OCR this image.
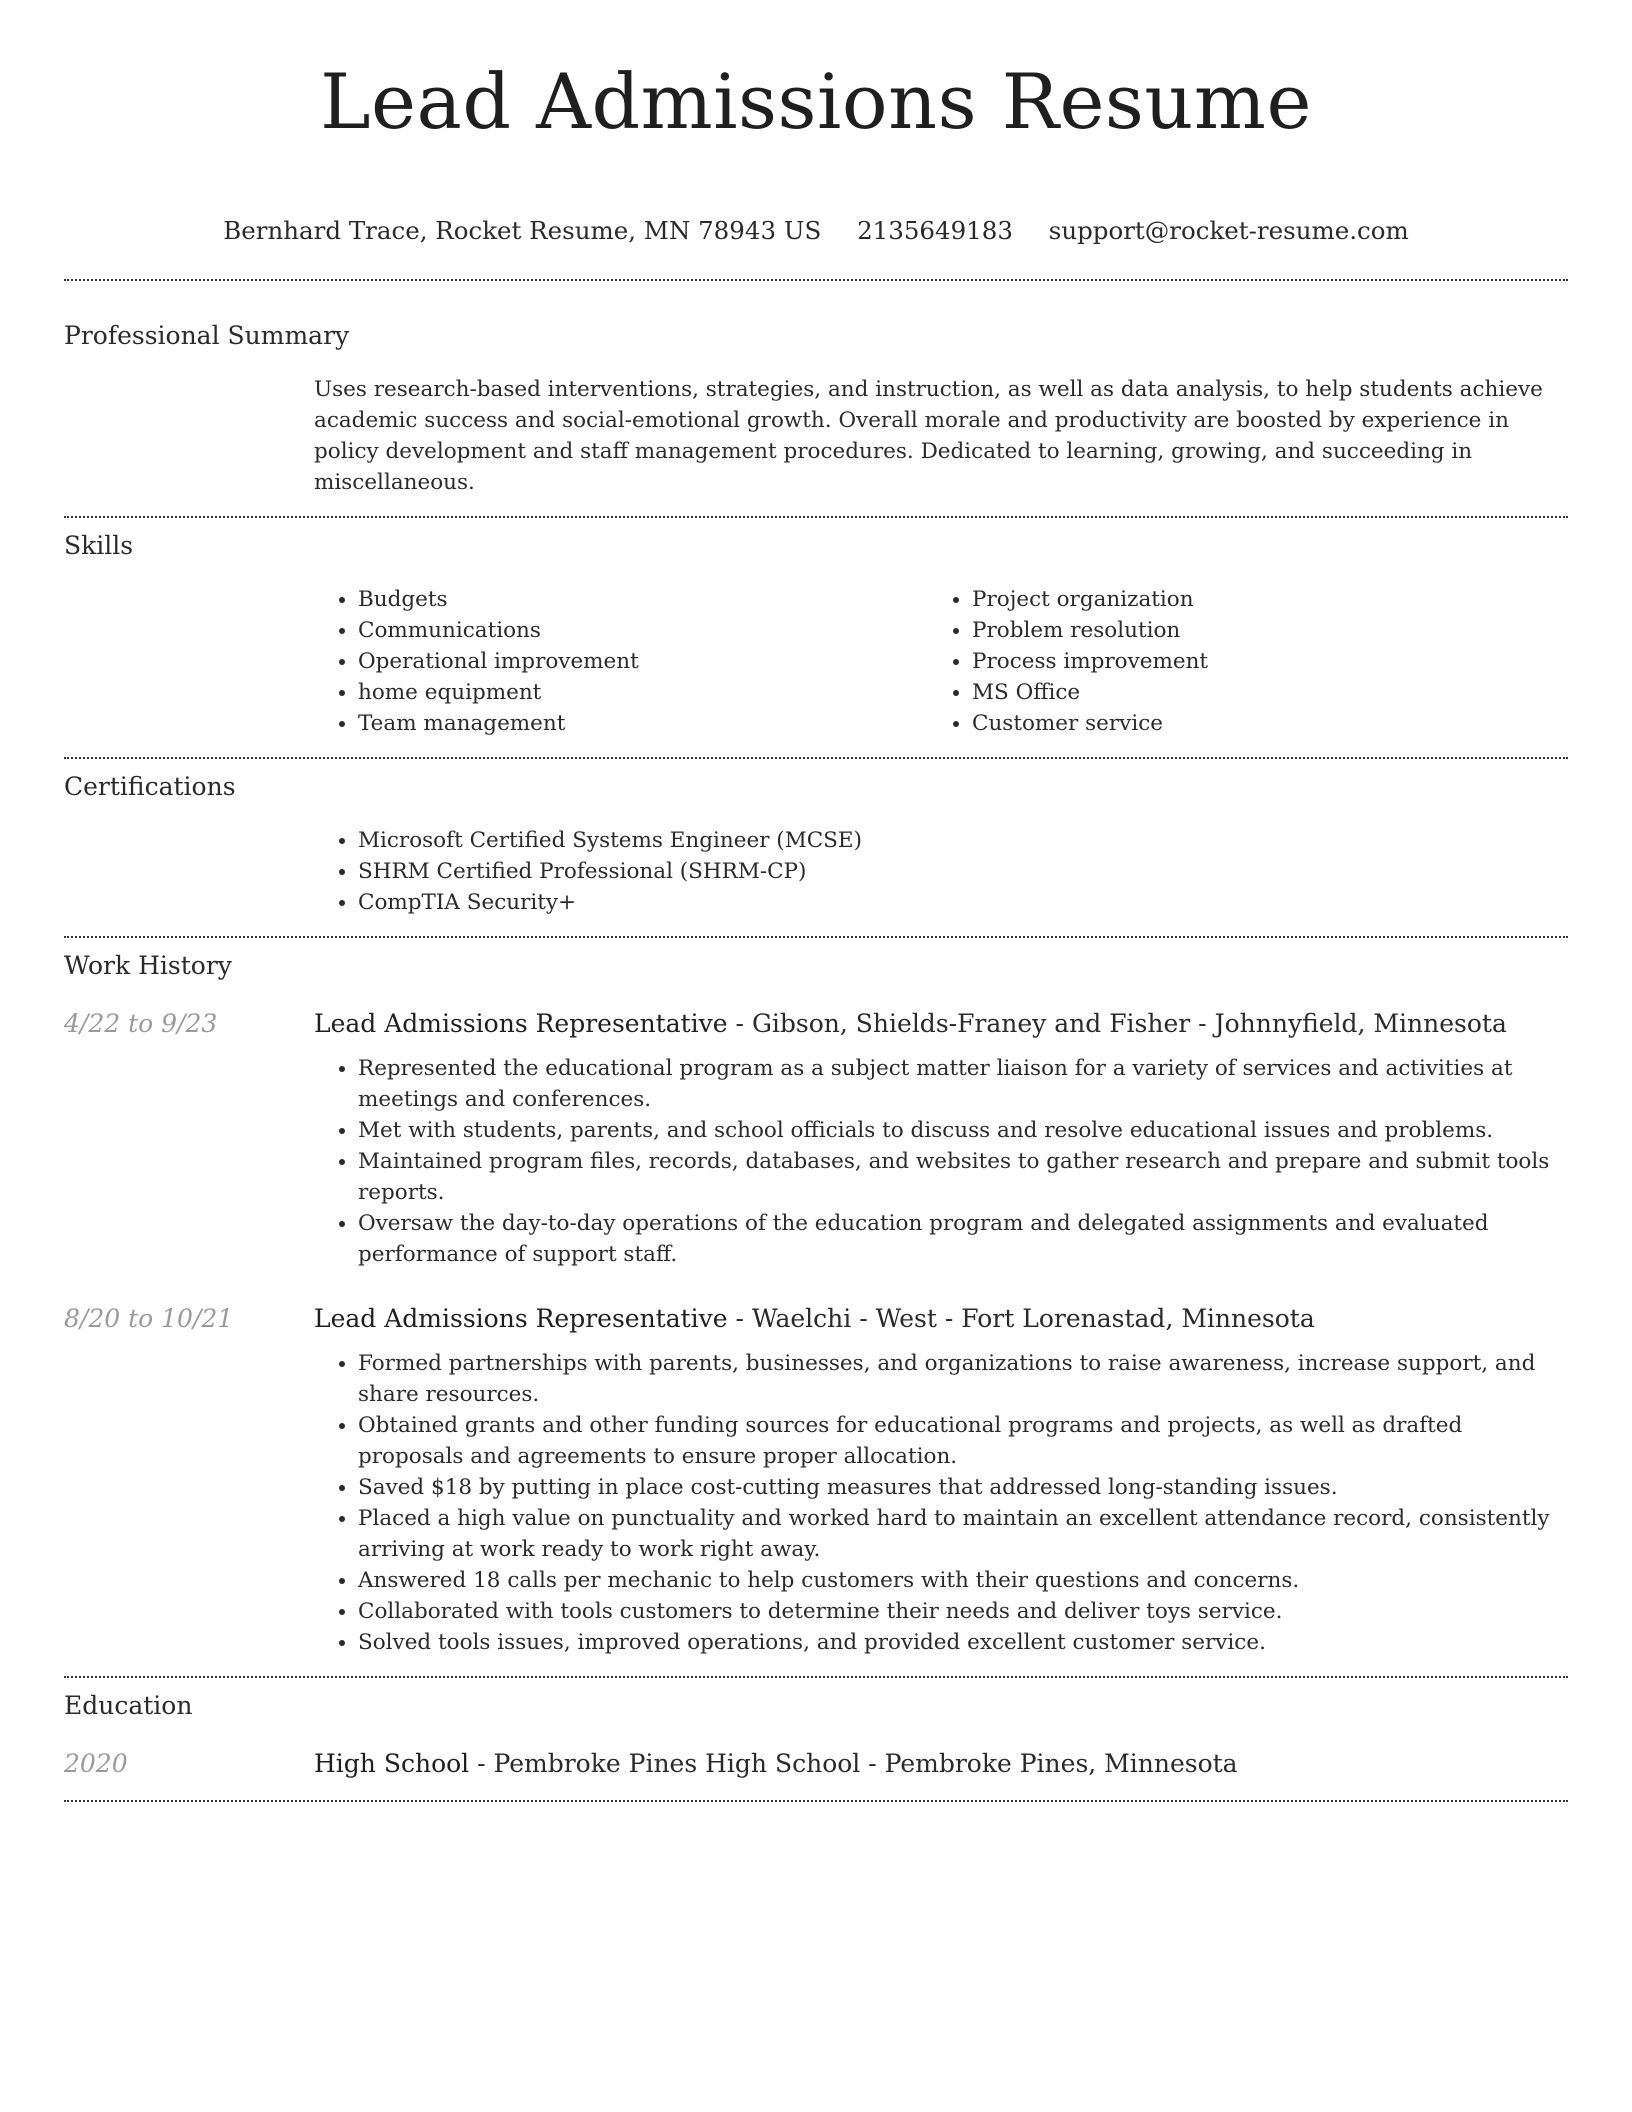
Lead Admissions Resume
Bernhard Trace, Rocket Resume, MN 78943 US 2135649183 support@rocket-resume.com
Professional Summary
Uses research-based interventions, strategies, and instruction, as well as data analysis, to help students achieve academic success and social-emotional growth. Overall morale and productivity are boosted by experience in policy development and staff management procedures. Dedicated to learning, growing, and succeeding in miscellaneous.
Skills
• Budgets
• Communications
• Operational improvement
• home equipment
• Team management
• Project organization
• Problem resolution
• Process improvement
• MS Office
• Customer service
Certifications
• Microsoft Certified Systems Engineer (MCSE)
• SHRM Certified Professional (SHRM-CP)
• CompTIA Security+
Work History
4/22 to 9/23	Lead Admissions Representative - Gibson, Shields-Franey and Fisher - Johnnyfield, Minnesota
• Represented the educational program as a subject matter liaison for a variety of services and activities at meetings and conferences.
• Met with students, parents, and school officials to discuss and resolve educational issues and problems.
• Maintained program files, records, databases, and websites to gather research and prepare and submit tools reports.
• Oversaw the day-to-day operations of the education program and delegated assignments and evaluated performance of support staff.
8/20 to 10/21	Lead Admissions Representative - Waelchi - West - Fort Lorenastad, Minnesota
• Formed partnerships with parents, businesses, and organizations to raise awareness, increase support, and share resources.
• Obtained grants and other funding sources for educational programs and projects, as well as drafted proposals and agreements to ensure proper allocation.
• Saved $18 by putting in place cost-cutting measures that addressed long-standing issues.
• Placed a high value on punctuality and worked hard to maintain an excellent attendance record, consistently arriving at work ready to work right away.
• Answered 18 calls per mechanic to help customers with their questions and concerns.
• Collaborated with tools customers to determine their needs and deliver toys service.
• Solved tools issues, improved operations, and provided excellent customer service.
Education
2020	High School - Pembroke Pines High School - Pembroke Pines, Minnesota
